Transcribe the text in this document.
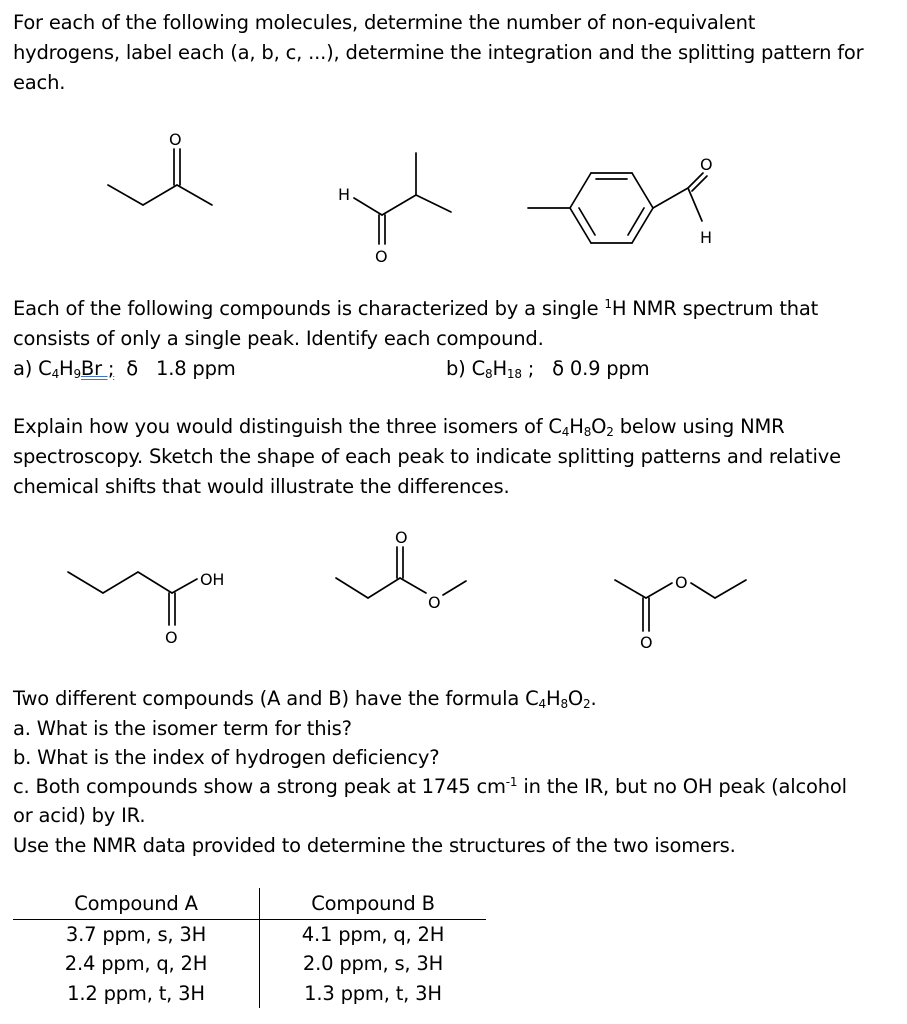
For each of the following molecules, determine the number of non-equivalent

hydrogens, label each (a, b, c, ...), determine the integration and the splitting pattern for

each.

O
H
O
O
H

Each of the following compounds is characterized by a single $^1$H NMR spectrum that

consists of only a single peak. Identify each compound.

a) $C_4H_9Br$ ;  δ   1.8 ppm	b) $C_8H_{18}$ ;   δ 0.9 ppm

Explain how you would distinguish the three isomers of $C_4H_8O_2$ below using NMR

spectroscopy. Sketch the shape of each peak to indicate splitting patterns and relative

chemical shifts that would illustrate the differences.

OH
O
O
O
O
O

Two different compounds (A and B) have the formula $C_4H_8O_2$.

a. What is the isomer term for this?

b. What is the index of hydrogen deficiency?

c. Both compounds show a strong peak at 1745 $cm^{-1}$ in the IR, but no OH peak (alcohol

or acid) by IR.

Use the NMR data provided to determine the structures of the two isomers.

Compound A	Compound B
3.7 ppm, s, 3H	4.1 ppm, q, 2H
2.4 ppm, q, 2H	2.0 ppm, s, 3H
1.2 ppm, t, 3H	1.3 ppm, t, 3H
